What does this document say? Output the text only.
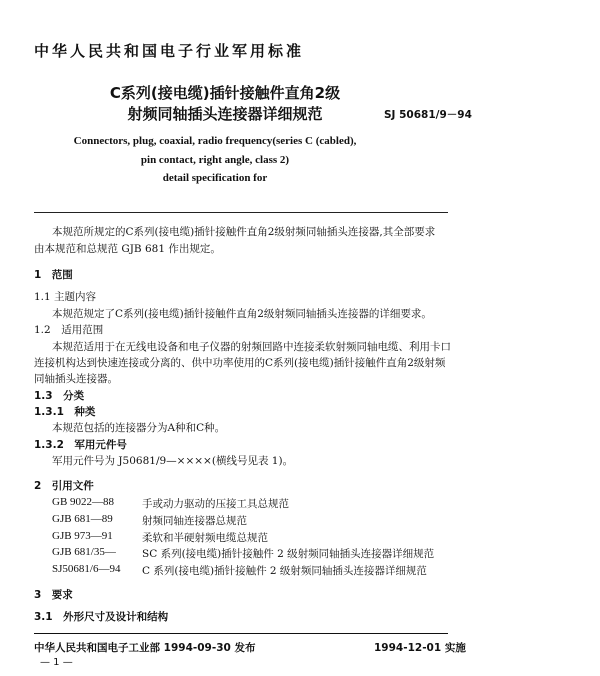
中华人民共和国电子行业军用标准
C系列(接电缆)插针接触件直角2级
射频同轴插头连接器详细规范	SJ 50681/9－94
Connectors, plug, coaxial, radio frequency(series C (cabled),
pin contact, right angle, class 2)
detail specification for
本规范所规定的C系列(接电缆)插针接触件直角2级射频同轴插头连接器,其全部要求
由本规范和总规范 GJB 681 作出规定。
1　范围
1.1 主题内容
本规范规定了C系列(接电缆)插针接触件直角2级射频同轴插头连接器的详细要求。
1.2　适用范围
本规范适用于在无线电设备和电子仪器的射频回路中连接柔软射频同轴电缆、利用卡口
连接机构达到快速连接或分离的、供中功率使用的C系列(接电缆)插针接触件直角2级射频
同轴插头连接器。
1.3　分类
1.3.1　种类
本规范包括的连接器分为A种和C种。
1.3.2　军用元件号
军用元件号为 J50681/9—××××(横线号见表 1)。
2　引用文件
GB 9022—88	手或动力驱动的压接工具总规范
GJB 681—89	射频同轴连接器总规范
GJB 973—91	柔软和半硬射频电缆总规范
GJB 681/35— SC 系列(接电缆)插针接触件 2 级射频同轴插头连接器详细规范
SJ50681/6—94 C 系列(接电缆)插针接触件 2 级射频同轴插头连接器详细规范
3　要求
3.1　外形尺寸及设计和结构
中华人民共和国电子工业部 1994-09-30 发布	1994-12-01 实施
— 1 —
